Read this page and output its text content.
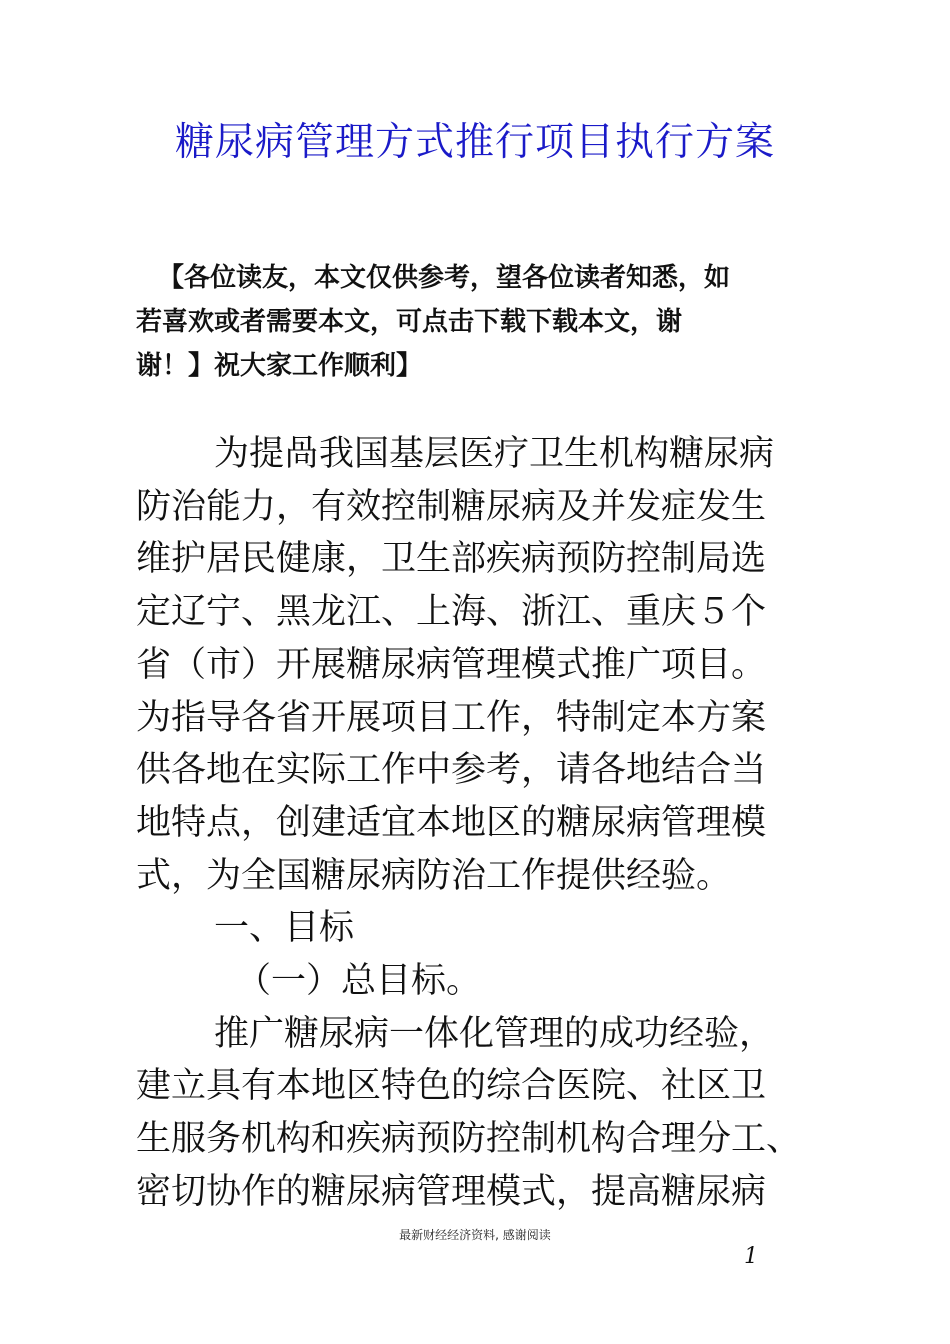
糖尿病管理方式推行项目执行方案
【各位读友，本文仅供参考，望各位读者知悉，如
若喜欢或者需要本文，可点击下载下载本文，谢
谢！】祝大家工作顺利】
为提咼我国基层医疗卫生机构糖尿病
防治能力，有效控制糖尿病及并发症发生
维护居民健康，卫生部疾病预防控制局选
定辽宁、黑龙江、上海、浙江、重庆５个
省（市）开展糖尿病管理模式推广项目。
为指导各省开展项目工作，特制定本方案
供各地在实际工作中参考，请各地结合当
地特点，创建适宜本地区的糖尿病管理模
式，为全国糖尿病防治工作提供经验。
一、目标
（一）总目标。
推广糖尿病一体化管理的成功经验，
建立具有本地区特色的综合医院、社区卫
生服务机构和疾病预防控制机构合理分工、
密切协作的糖尿病管理模式，提高糖尿病
最新财经经济资料, 感谢阅读
1
